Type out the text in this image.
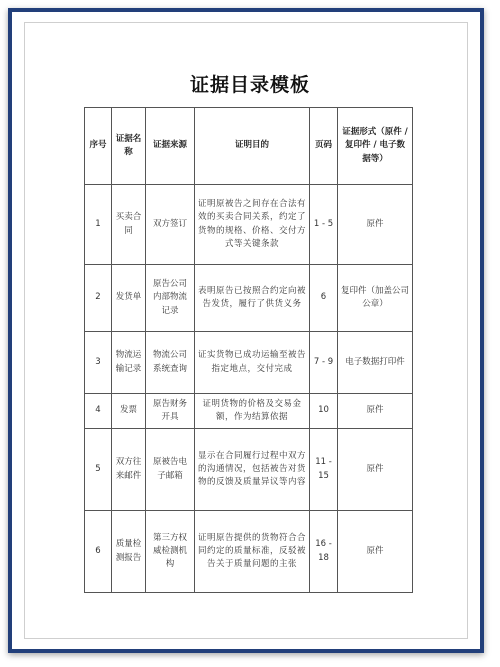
证据目录模板
序号	证据名称	证据来源	证明目的	页码	证据形式（原件 / 复印件 / 电子数据等）
1	买卖合同	双方签订	证明原被告之间存在合法有效的买卖合同关系，约定了货物的规格、价格、交付方式等关键条款	1 - 5	原件
2	发货单	原告公司内部物流记录	表明原告已按照合约定向被告发货，履行了供货义务	6	复印件（加盖公司公章）
3	物流运输记录	物流公司系统查询	证实货物已成功运输至被告指定地点，交付完成	7 - 9	电子数据打印件
4	发票	原告财务开具	证明货物的价格及交易金额，作为结算依据	10	原件
5	双方往来邮件	原被告电子邮箱	显示在合同履行过程中双方的沟通情况，包括被告对货物的反馈及质量异议等内容	11 - 15	原件
6	质量检测报告	第三方权威检测机构	证明原告提供的货物符合合同约定的质量标准，反驳被告关于质量问题的主张	16 - 18	原件
